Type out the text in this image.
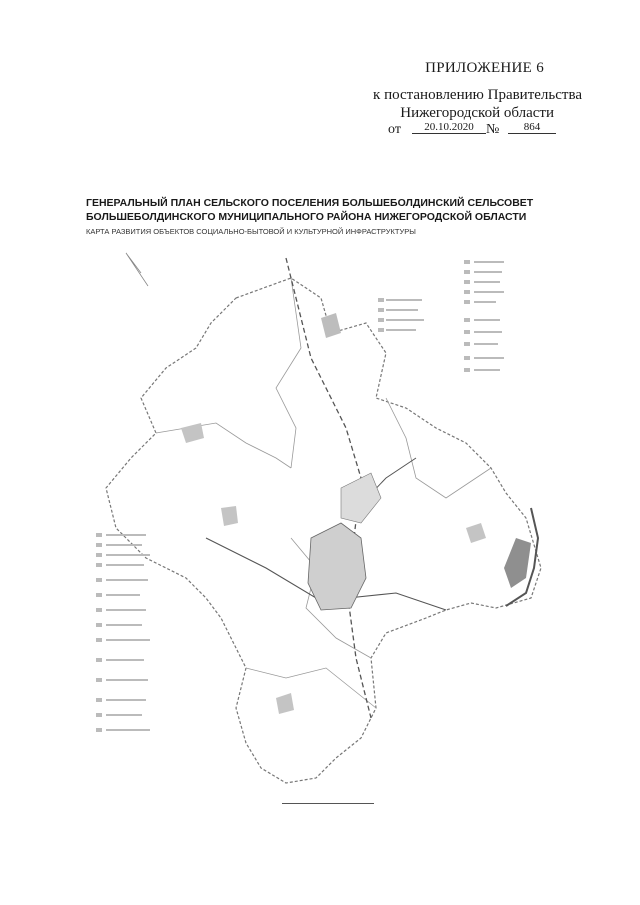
ПРИЛОЖЕНИЕ 6
к постановлению Правительства
Нижегородской области
от	20.10.2020 №	864
ГЕНЕРАЛЬНЫЙ ПЛАН СЕЛЬСКОГО ПОСЕЛЕНИЯ БОЛЬШЕБОЛДИНСКИЙ СЕЛЬСОВЕТ БОЛЬШЕБОЛДИНСКОГО МУНИЦИПАЛЬНОГО РАЙОНА НИЖЕГОРОДСКОЙ ОБЛАСТИ
КАРТА РАЗВИТИЯ ОБЪЕКТОВ СОЦИАЛЬНО-БЫТОВОЙ И КУЛЬТУРНОЙ ИНФРАСТРУКТУРЫ
